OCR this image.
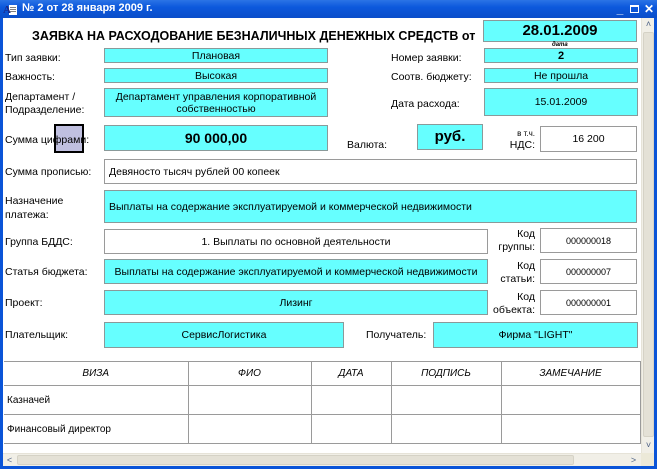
A № 2 от 28 января 2009 г.	_	✕
ЗАЯВКА НА РАСХОДОВАНИЕ БЕЗНАЛИЧНЫХ ДЕНЕЖНЫХ СРЕДСТВ от	28.01.2009
дата
Тип заявки:	Плановая	Номер заявки:	2
Важность:	Высокая	Соотв. бюджету:	Не прошла
Департамент / Подразделение:
Департамент управления корпоративной собственностью	Дата расхода:	15.01.2009
Сумма цифрами:	90 000,00	Валюта:	руб.	в т.ч.
НДС:	16 200
Сумма прописью: Девяносто тысяч рублей 00 копеек
Назначение платежа:
Выплаты на содержание эксплуатируемой и коммерческой недвижимости
Группа БДДС:	1. Выплаты по основной деятельности
Код
группы:
000000018
Статья бюджета:	Выплаты на содержание эксплуатируемой и коммерческой недвижимости	Код
статьи:
000000007
Проект:	Лизинг	Код
объекта:
000000001
Плательщик:	СервисЛогистика	Получатель:	Фирма "LIGHT"
ВИЗА	ФИО	ДАТА	ПОДПИСЬ	ЗАМЕЧАНИЕ
Казначей				
Финансовый директор				
˄
˅
<	>
